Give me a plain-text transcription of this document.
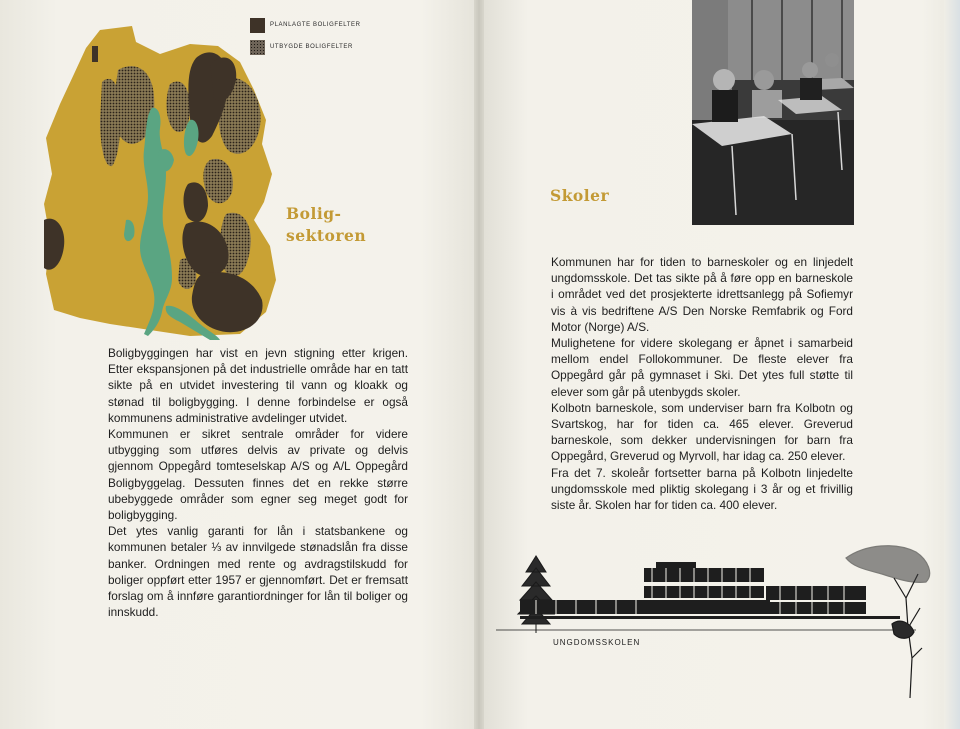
PLANLAGTE BOLIGFELTER
UTBYGDE BOLIGFELTER
Bolig-
sektoren

Boligbyggingen har vist en jevn stigning etter krigen. Etter ekspansjonen på det industrielle område har en tatt sikte på en utvidet investering til vann og kloakk og stønad til boligbygging. I denne forbindelse er også kommunens administrative avdelinger utvidet.

Kommunen er sikret sentrale områder for videre utbygging som utføres delvis av private og delvis gjennom Oppegård tomteselskap A/S og A/L Oppegård Boligbyggelag. Dessuten finnes det en rekke større ubebyggede områder som egner seg meget godt for boligbygging.

Det ytes vanlig garanti for lån i statsbankene og kommunen betaler ⅓ av innvilgede stønadslån fra disse banker. Ordningen med rente og avdragstilskudd for boliger oppført etter 1957 er gjennomført. Det er fremsatt forslag om å innføre garantiordninger for lån til boliger og innskudd.

Skoler

Kommunen har for tiden to barneskoler og en linjedelt ungdomsskole. Det tas sikte på å føre opp en barneskole i området ved det prosjekterte idrettsanlegg på Sofiemyr vis à vis bedriftene A/S Den Norske Remfabrik og Ford Motor (Norge) A/S.

Mulighetene for videre skolegang er åpnet i samarbeid mellom endel Follokommuner. De fleste elever fra Oppegård går på gymnaset i Ski. Det ytes full støtte til elever som går på utenbygds skoler.

Kolbotn barneskole, som underviser barn fra Kolbotn og Svartskog, har for tiden ca. 465 elever. Greverud barneskole, som dekker undervisningen for barn fra Oppegård, Greverud og Myrvoll, har idag ca. 250 elever.

Fra det 7. skoleår fortsetter barna på Kolbotn linjedelte ungdomsskole med pliktig skolegang i 3 år og et frivillig siste år. Skolen har for tiden ca. 400 elever.

UNGDOMSSKOLEN
